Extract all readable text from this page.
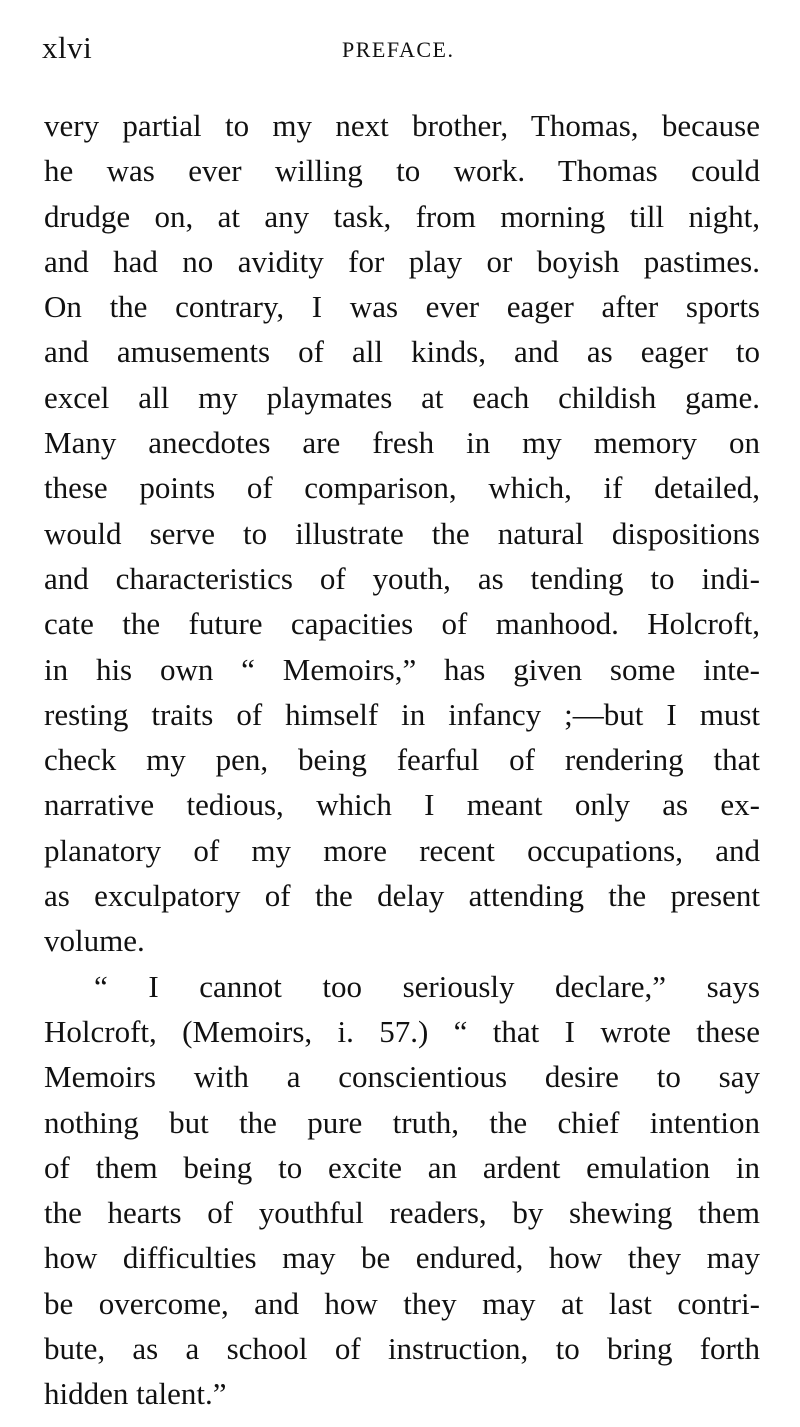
xlvi	PREFACE.
very partial to my next brother, Thomas, because
he was ever willing to work. Thomas could
drudge on, at any task, from morning till night,
and had no avidity for play or boyish pastimes.
On the contrary, I was ever eager after sports
and amusements of all kinds, and as eager to
excel all my playmates at each childish game.
Many anecdotes are fresh in my memory on
these points of comparison, which, if detailed,
would serve to illustrate the natural dispositions
and characteristics of youth, as tending to indi-
cate the future capacities of manhood. Holcroft,
in his own “ Memoirs,” has given some inte-
resting traits of himself in infancy ;—but I must
check my pen, being fearful of rendering that
narrative tedious, which I meant only as ex-
planatory of my more recent occupations, and
as exculpatory of the delay attending the present
volume.
“ I cannot too seriously declare,” says
Holcroft, (Memoirs, i. 57.) “ that I wrote these
Memoirs with a conscientious desire to say
nothing but the pure truth, the chief intention
of them being to excite an ardent emulation in
the hearts of youthful readers, by shewing them
how difficulties may be endured, how they may
be overcome, and how they may at last contri-
bute, as a school of instruction, to bring forth
hidden talent.”
